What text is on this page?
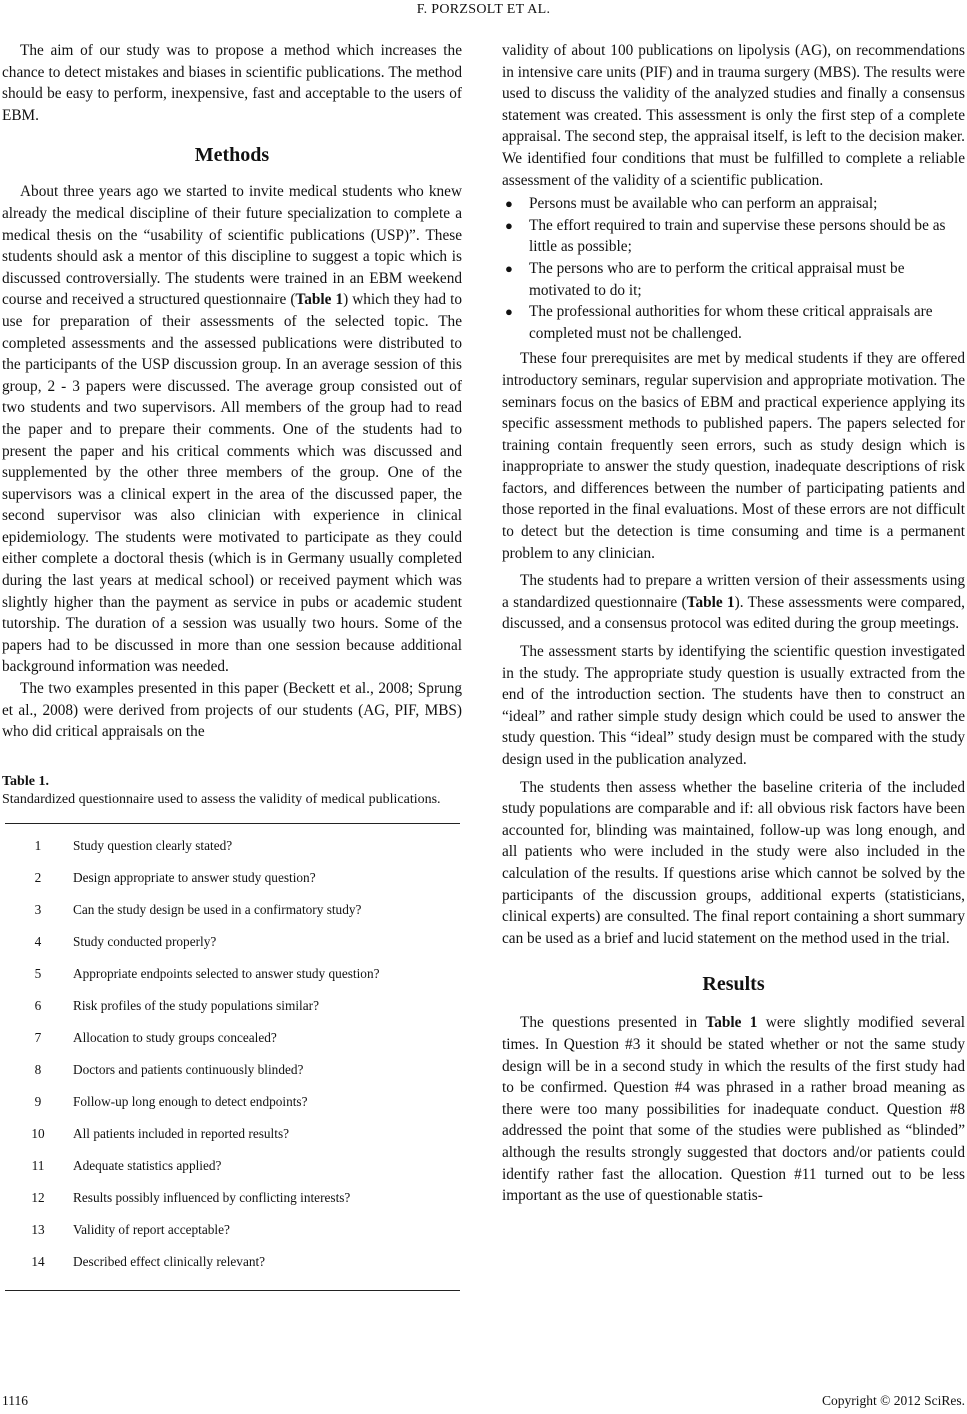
F. PORZSOLT ET AL.

The aim of our study was to propose a method which increases the chance to detect mistakes and biases in scientific publications. The method should be easy to perform, inexpensive, fast and acceptable to the users of EBM.

Methods

About three years ago we started to invite medical students who knew already the medical discipline of their future specialization to complete a medical thesis on the “usability of scientific publications (USP)”. These students should ask a mentor of this discipline to suggest a topic which is discussed controversially. The students were trained in an EBM weekend course and received a structured questionnaire (Table 1) which they had to use for preparation of their assessments of the selected topic. The completed assessments and the assessed publications were distributed to the participants of the USP discussion group. In an average session of this group, 2 - 3 papers were discussed. The average group consisted out of two students and two supervisors. All members of the group had to read the paper and to prepare their comments. One of the students had to present the paper and his critical comments which was discussed and supplemented by the other three members of the group. One of the supervisors was a clinical expert in the area of the discussed paper, the second supervisor was also clinician with experience in clinical epidemiology. The students were motivated to participate as they could either complete a doctoral thesis (which is in Germany usually completed during the last years at medical school) or received payment which was slightly higher than the payment as service in pubs or academic student tutorship. The duration of a session was usually two hours. Some of the papers had to be discussed in more than one session because additional background information was needed.

The two examples presented in this paper (Beckett et al., 2008; Sprung et al., 2008) were derived from projects of our students (AG, PIF, MBS) who did critical appraisals on the

Table 1.
Standardized questionnaire used to assess the validity of medical publications.
1	Study question clearly stated?
2	Design appropriate to answer study question?
3	Can the study design be used in a confirmatory study?
4	Study conducted properly?
5	Appropriate endpoints selected to answer study question?
6	Risk profiles of the study populations similar?
7	Allocation to study groups concealed?
8	Doctors and patients continuously blinded?
9	Follow-up long enough to detect endpoints?
10	All patients included in reported results?
11	Adequate statistics applied?
12	Results possibly influenced by conflicting interests?
13	Validity of report acceptable?
14	Described effect clinically relevant?

validity of about 100 publications on lipolysis (AG), on recommendations in intensive care units (PIF) and in trauma surgery (MBS). The results were used to discuss the validity of the analyzed studies and finally a consensus statement was created. This assessment is only the first step of a complete appraisal. The second step, the appraisal itself, is left to the decision maker. We identified four conditions that must be fulfilled to complete a reliable assessment of the validity of a scientific publication.

● Persons must be available who can perform an appraisal;
● The effort required to train and supervise these persons should be as little as possible;
● The persons who are to perform the critical appraisal must be motivated to do it;
● The professional authorities for whom these critical appraisals are completed must not be challenged.

These four prerequisites are met by medical students if they are offered introductory seminars, regular supervision and appropriate motivation. The seminars focus on the basics of EBM and practical experience applying its specific assessment methods to published papers. The papers selected for training contain frequently seen errors, such as study design which is inappropriate to answer the study question, inadequate descriptions of risk factors, and differences between the number of participating patients and those reported in the final evaluations. Most of these errors are not difficult to detect but the detection is time consuming and time is a permanent problem to any clinician.

The students had to prepare a written version of their assessments using a standardized questionnaire (Table 1). These assessments were compared, discussed, and a consensus protocol was edited during the group meetings.

The assessment starts by identifying the scientific question investigated in the study. The appropriate study question is usually extracted from the end of the introduction section. The students have then to construct an “ideal” and rather simple study design which could be used to answer the study question. This “ideal” study design must be compared with the study design used in the publication analyzed.

The students then assess whether the baseline criteria of the included study populations are comparable and if: all obvious risk factors have been accounted for, blinding was maintained, follow-up was long enough, and all patients who were included in the study were also included in the calculation of the results. If questions arise which cannot be solved by the participants of the discussion groups, additional experts (statisticians, clinical experts) are consulted. The final report containing a short summary can be used as a brief and lucid statement on the method used in the trial.

Results

The questions presented in Table 1 were slightly modified several times. In Question #3 it should be stated whether or not the same study design will be in a second study in which the results of the first study had to be confirmed. Question #4 was phrased in a rather broad meaning as there were too many possibilities for inadequate conduct. Question #8 addressed the point that some of the studies were published as “blinded” although the results strongly suggested that doctors and/or patients could identify rather fast the allocation. Question #11 turned out to be less important as the use of questionable statis-

1116	Copyright © 2012 SciRes.
